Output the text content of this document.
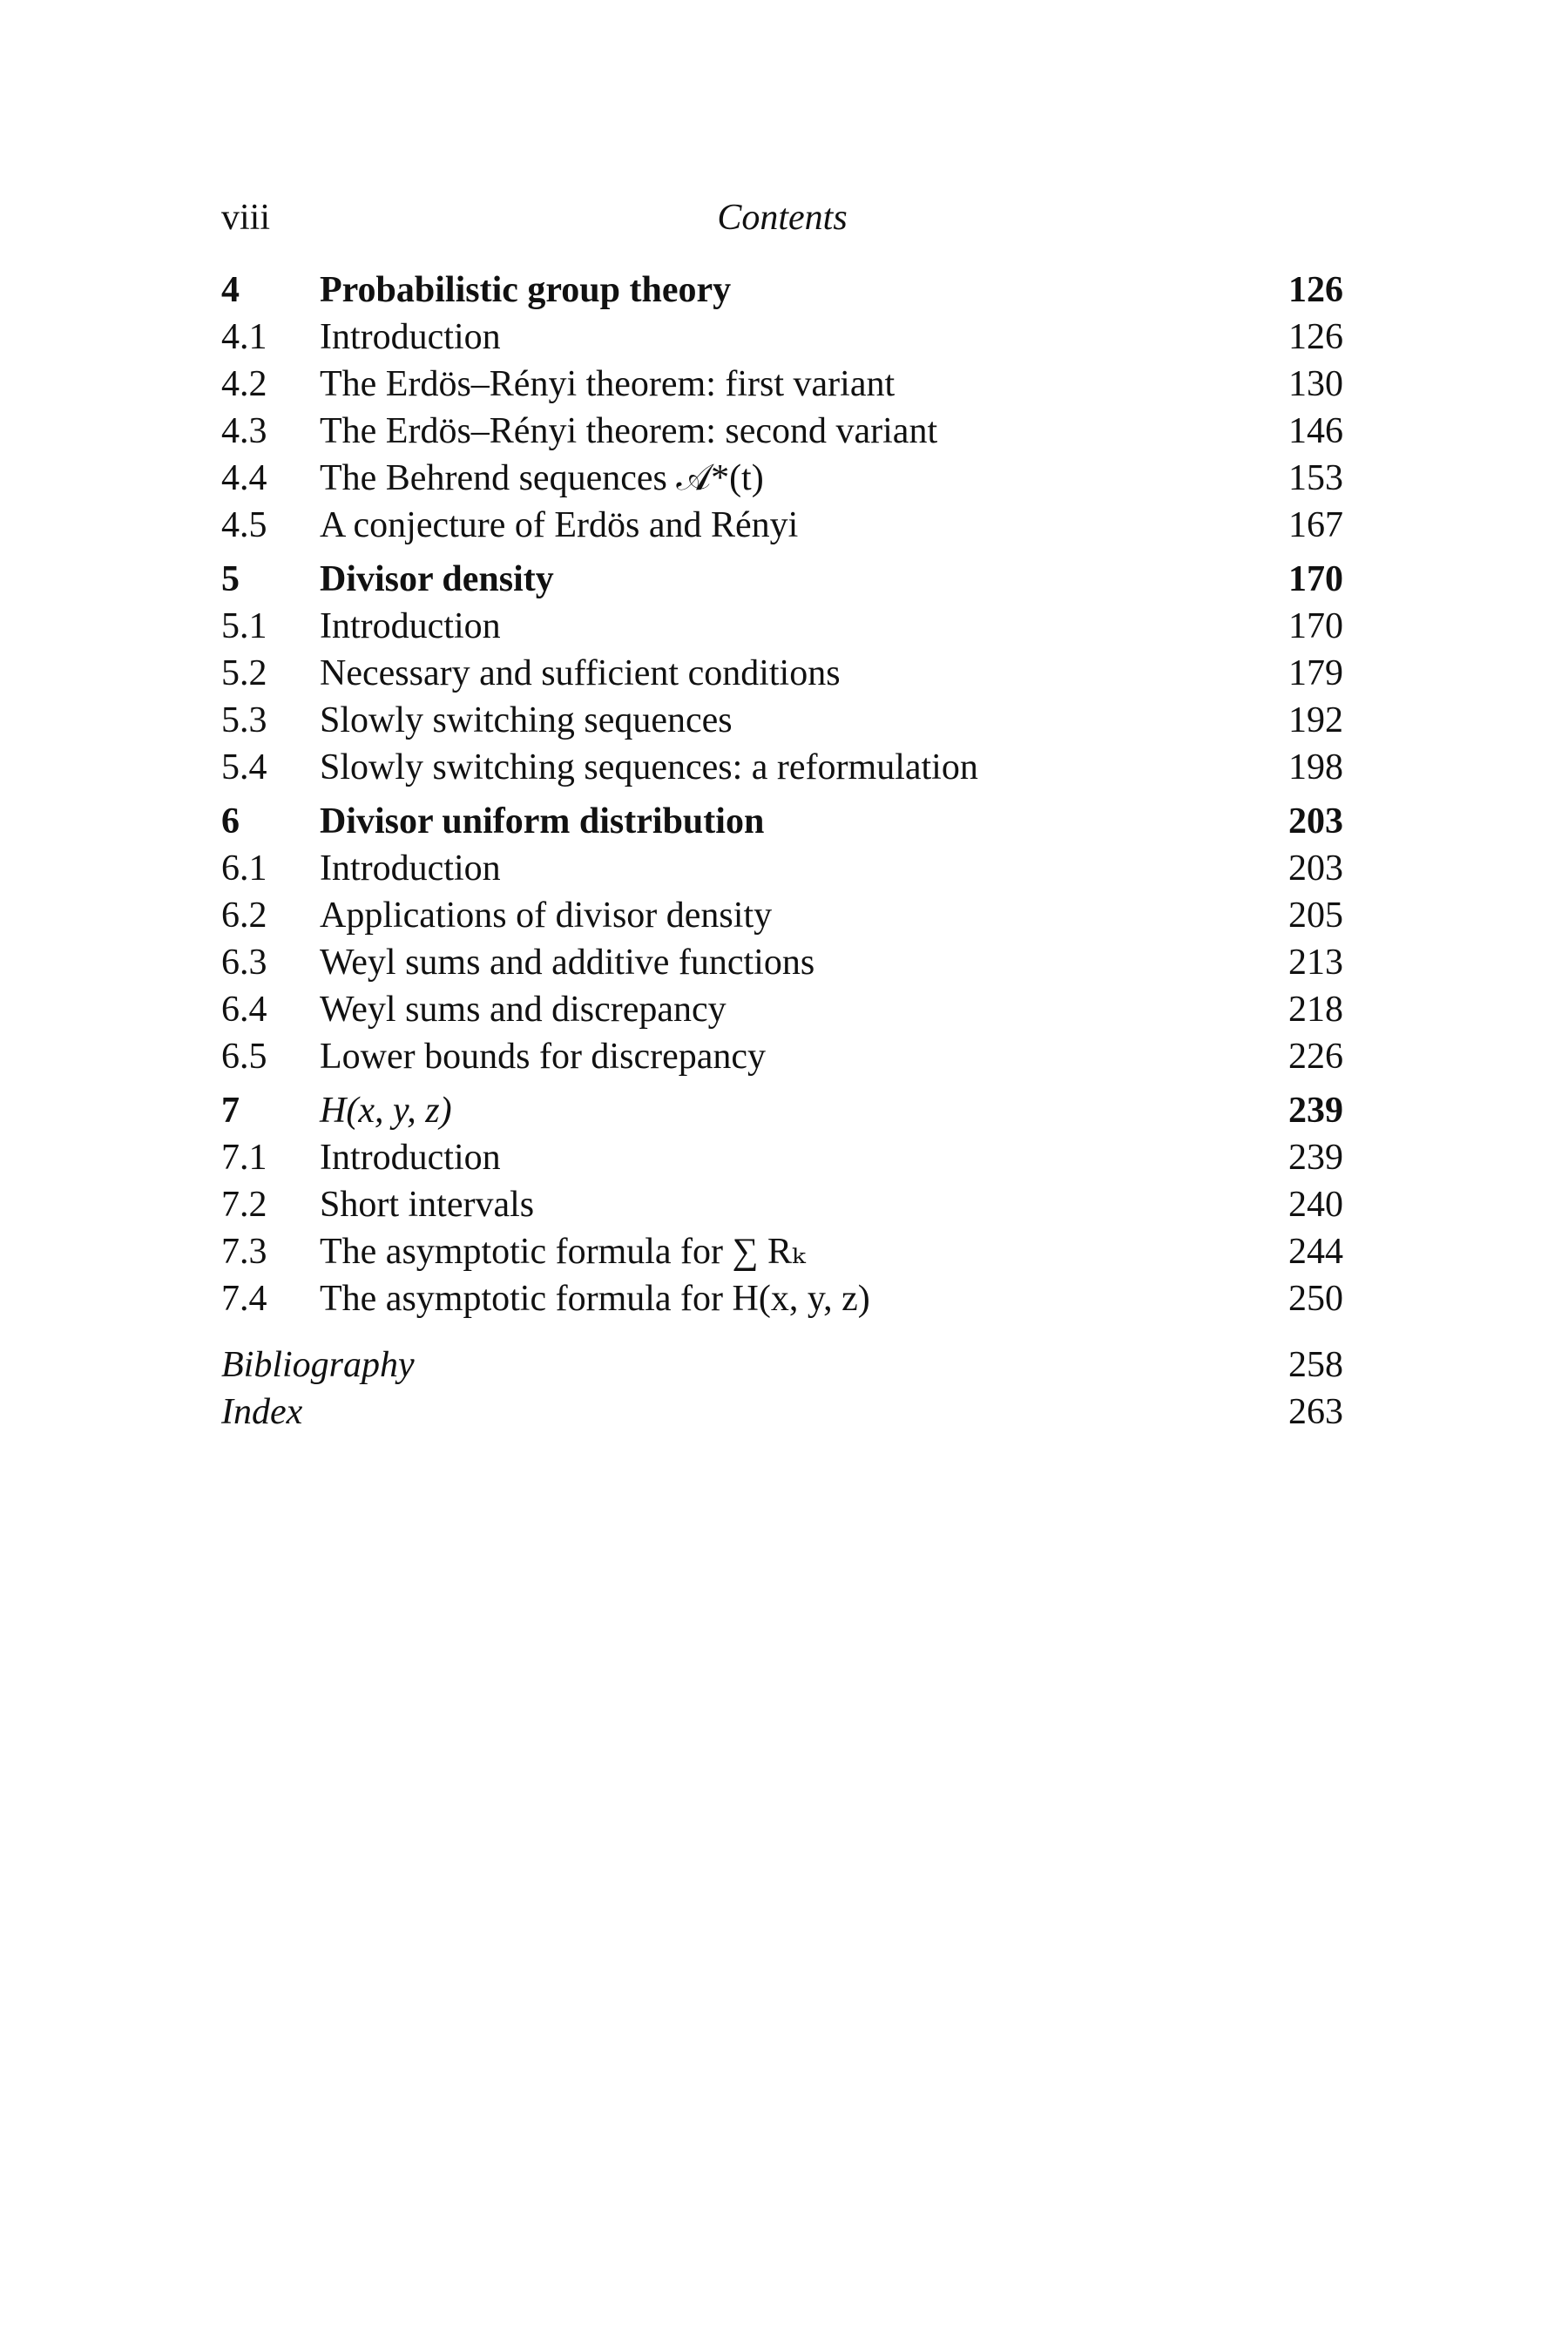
viii	Contents
4 Probabilistic group theory	126
4.1 Introduction	126
4.2 The Erdös–Rényi theorem: first variant	130
4.3 The Erdös–Rényi theorem: second variant	146
4.4 The Behrend sequences 𝒜*(t)	153
4.5 A conjecture of Erdös and Rényi	167
5 Divisor density	170
5.1 Introduction	170
5.2 Necessary and sufficient conditions	179
5.3 Slowly switching sequences	192
5.4 Slowly switching sequences: a reformulation	198
6 Divisor uniform distribution	203
6.1 Introduction	203
6.2 Applications of divisor density	205
6.3 Weyl sums and additive functions	213
6.4 Weyl sums and discrepancy	218
6.5 Lower bounds for discrepancy	226
7 H(x, y, z)	239
7.1 Introduction	239
7.2 Short intervals	240
7.3 The asymptotic formula for ∑ Rₖ	244
7.4 The asymptotic formula for H(x, y, z)	250
Bibliography	258
Index	263
